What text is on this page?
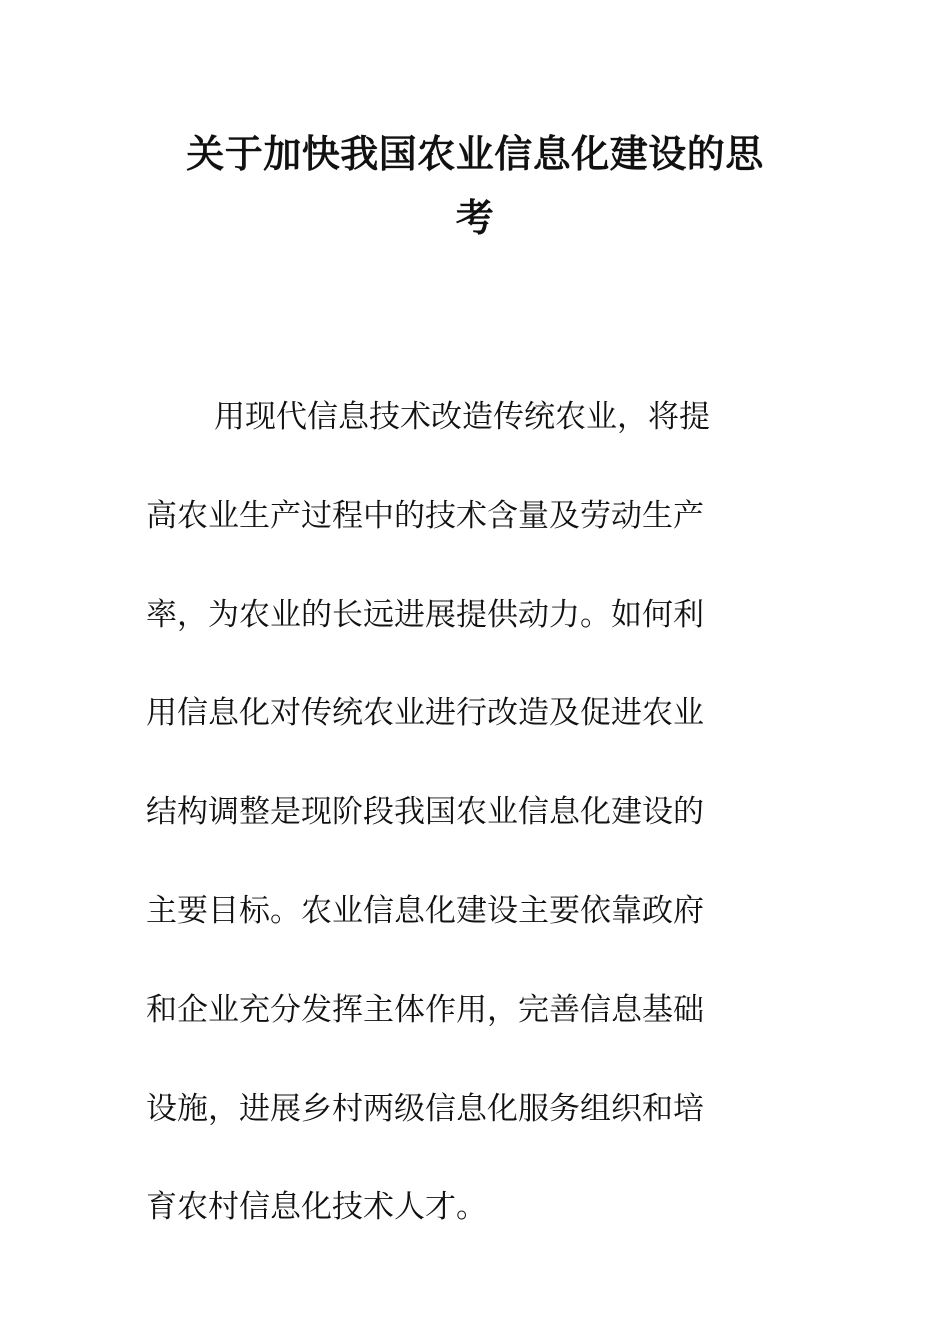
关于加快我国农业信息化建设的思
考
用现代信息技术改造传统农业，将提
高农业生产过程中的技术含量及劳动生产
率，为农业的长远进展提供动力。如何利
用信息化对传统农业进行改造及促进农业
结构调整是现阶段我国农业信息化建设的
主要目标。农业信息化建设主要依靠政府
和企业充分发挥主体作用，完善信息基础
设施，进展乡村两级信息化服务组织和培
育农村信息化技术人才。
